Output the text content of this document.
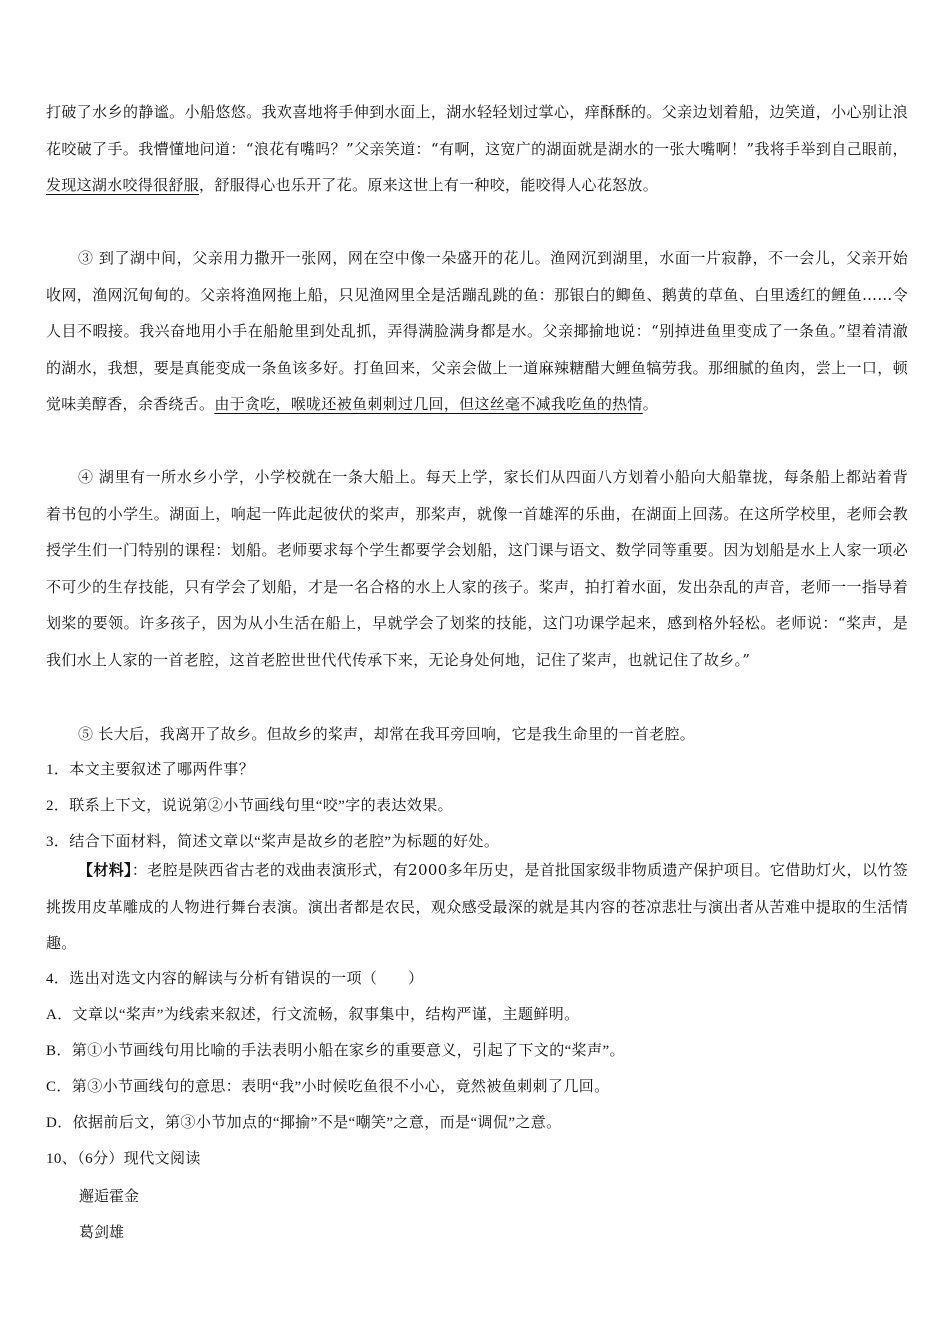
打破了水乡的静谧。小船悠悠。我欢喜地将手伸到水面上，湖水轻轻划过掌心，痒酥酥的。父亲边划着船，边笑道，小心别让浪花咬破了手。我懵懂地问道：“浪花有嘴吗？”父亲笑道：“有啊，这宽广的湖面就是湖水的一张大嘴啊！”我将手举到自己眼前，发现这湖水咬得很舒服，舒服得心也乐开了花。原来这世上有一种咬，能咬得人心花怒放。
③ 到了湖中间，父亲用力撒开一张网，网在空中像一朵盛开的花儿。渔网沉到湖里，水面一片寂静，不一会儿，父亲开始收网，渔网沉甸甸的。父亲将渔网拖上船，只见渔网里全是活蹦乱跳的鱼：那银白的鲫鱼、鹅黄的草鱼、白里透红的鲤鱼……令人目不暇接。我兴奋地用小手在船舱里到处乱抓，弄得满脸满身都是水。父亲揶揄地说：“别掉进鱼里变成了一条鱼。”望着清澈的湖水，我想，要是真能变成一条鱼该多好。打鱼回来，父亲会做上一道麻辣糖醋大鲤鱼犒劳我。那细腻的鱼肉，尝上一口，顿觉味美醇香，余香绕舌。由于贪吃，喉咙还被鱼刺刺过几回，但这丝毫不减我吃鱼的热情。
④ 湖里有一所水乡小学，小学校就在一条大船上。每天上学，家长们从四面八方划着小船向大船靠拢，每条船上都站着背着书包的小学生。湖面上，响起一阵此起彼伏的桨声，那桨声，就像一首雄浑的乐曲，在湖面上回荡。在这所学校里，老师会教授学生们一门特别的课程：划船。老师要求每个学生都要学会划船，这门课与语文、数学同等重要。因为划船是水上人家一项必不可少的生存技能，只有学会了划船，才是一名合格的水上人家的孩子。桨声，拍打着水面，发出杂乱的声音，老师一一指导着划桨的要领。许多孩子，因为从小生活在船上，早就学会了划桨的技能，这门功课学起来，感到格外轻松。老师说：“桨声，是我们水上人家的一首老腔，这首老腔世世代代传承下来，无论身处何地，记住了桨声，也就记住了故乡。”
⑤ 长大后，我离开了故乡。但故乡的桨声，却常在我耳旁回响，它是我生命里的一首老腔。
1．本文主要叙述了哪两件事？
2．联系上下文，说说第②小节画线句里“咬”字的表达效果。
3．结合下面材料，简述文章以“桨声是故乡的老腔”为标题的好处。
【材料】：老腔是陕西省古老的戏曲表演形式，有2000多年历史，是首批国家级非物质遗产保护项目。它借助灯火，以竹签挑拨用皮革雕成的人物进行舞台表演。演出者都是农民，观众感受最深的就是其内容的苍凉悲壮与演出者从苦难中提取的生活情趣。
4．选出对选文内容的解读与分析有错误的一项（　　）
A．文章以“桨声”为线索来叙述，行文流畅，叙事集中，结构严谨，主题鲜明。
B．第①小节画线句用比喻的手法表明小船在家乡的重要意义，引起了下文的“桨声”。
C．第③小节画线句的意思：表明“我”小时候吃鱼很不小心，竟然被鱼刺刺了几回。
D．依据前后文，第③小节加点的“揶揄”不是“嘲笑”之意，而是“调侃”之意。
10、（6分）现代文阅读
邂逅霍金
葛剑雄
